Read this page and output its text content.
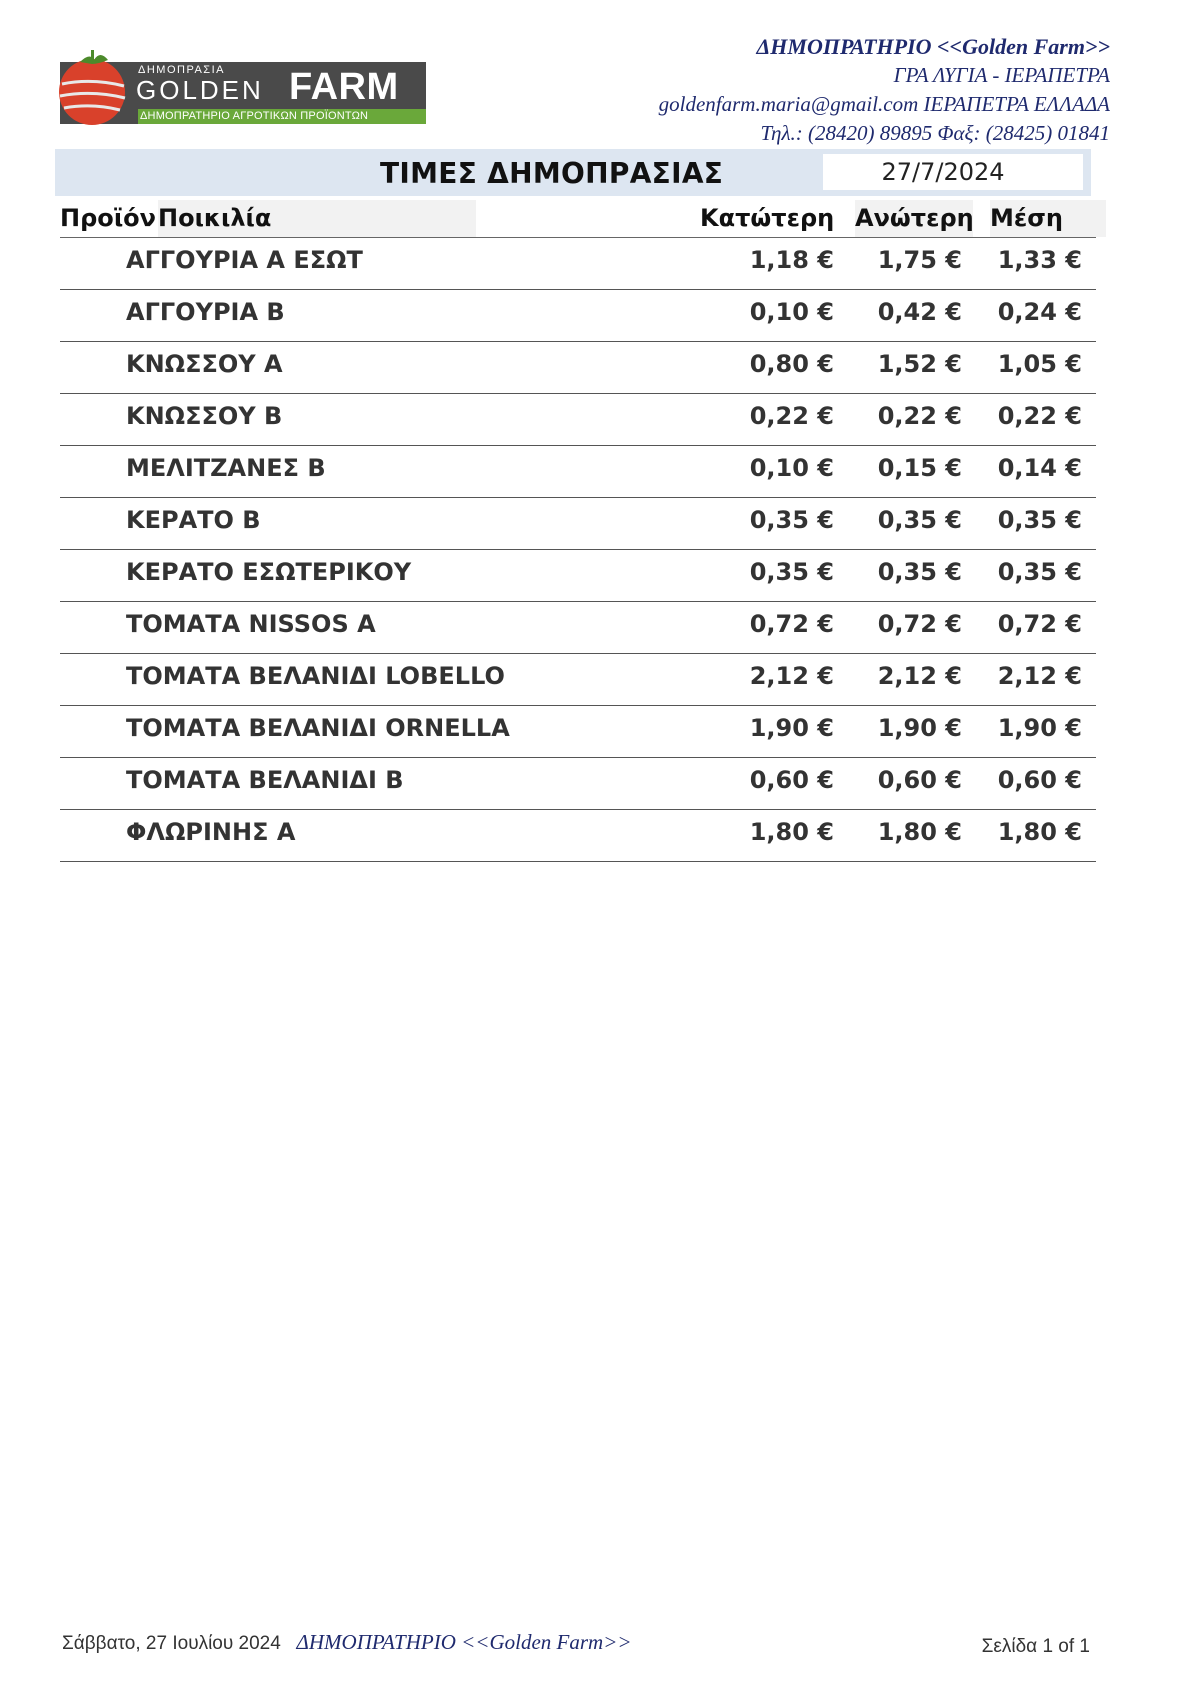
ΔΗΜΟΠΡΑΤΗΡΙΟ ΑΓΡΟΤΙΚΩΝ ΠΡΟΪΟΝΤΩΝ
ΔΗΜΟΠΡΑΣΙΑ
GOLDEN FARM
ΔΗΜΟΠΡΑΤΗΡΙΟ <<Golden Farm>>
ΓΡΑ ΛΥΓΙΑ - ΙΕΡΑΠΕΤΡΑ
goldenfarm.maria@gmail.com ΙΕΡΑΠΕΤΡΑ ΕΛΛΑΔΑ
Τηλ.: (28420) 89895 Φαξ: (28425) 01841
ΤΙΜΕΣ ΔΗΜΟΠΡΑΣΙΑΣ	27/7/2024
Προϊόν Ποικιλία	Κατώτερη Ανώτερη Μέση
ΑΓΓΟΥΡΙΑ Α ΕΣΩΤ	1,18 € 1,75 € 1,33 €
ΑΓΓΟΥΡΙΑ Β	0,10 € 0,42 € 0,24 €
ΚΝΩΣΣΟΥ Α	0,80 € 1,52 € 1,05 €
ΚΝΩΣΣΟΥ Β	0,22 € 0,22 € 0,22 €
ΜΕΛΙΤΖΑΝΕΣ Β	0,10 € 0,15 € 0,14 €
ΚΕΡΑΤΟ Β	0,35 € 0,35 € 0,35 €
ΚΕΡΑΤΟ ΕΣΩΤΕΡΙΚΟΥ	0,35 € 0,35 € 0,35 €
ΤΟΜΑΤΑ NISSOS Α	0,72 € 0,72 € 0,72 €
ΤΟΜΑΤΑ ΒΕΛΑΝΙΔΙ LOBELLO	2,12 € 2,12 € 2,12 €
ΤΟΜΑΤΑ ΒΕΛΑΝΙΔΙ ORNELLA	1,90 € 1,90 € 1,90 €
ΤΟΜΑΤΑ ΒΕΛΑΝΙΔΙ Β	0,60 € 0,60 € 0,60 €
ΦΛΩΡΙΝΗΣ Α	1,80 € 1,80 € 1,80 €
Σάββατο, 27 Ιουλίου 2024 ΔΗΜΟΠΡΑΤΗΡΙΟ <<Golden Farm>>	Σελίδα 1 of 1
